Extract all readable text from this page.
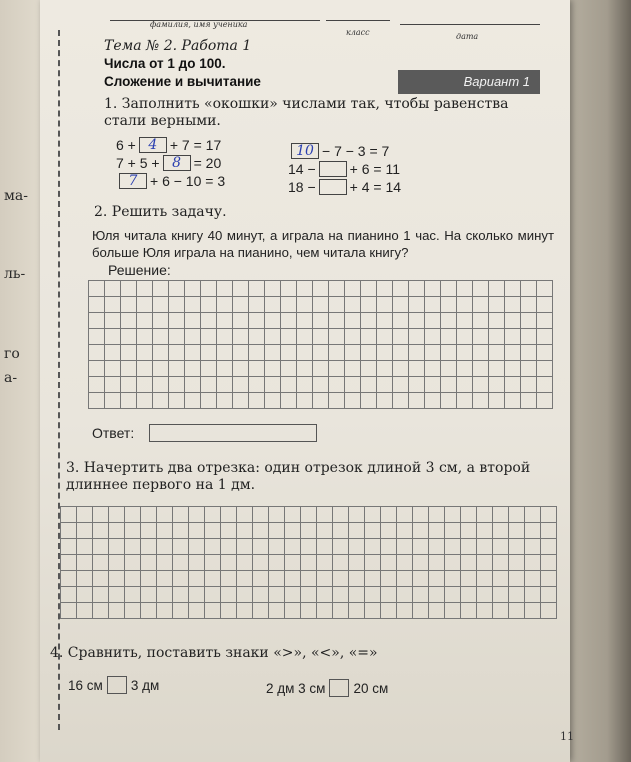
ма-
ль-
го
а-
фамилия, имя ученика
класс	дата
Тема № 2. Работа 1
Числа от 1 до 100.
Сложение и вычитание	Вариант 1
1. Заполнить «окошки» числами так, чтобы равенства стали верными.
6 + 4 + 7 = 17
7 + 5 + 8 = 20
7 + 6 − 10 = 3
10 − 7 − 3 = 7
14 − + 6 = 11
18 − + 4 = 14
2. Решить задачу.
Юля читала книгу 40 минут, а играла на пианино 1 час. На сколько минут больше Юля играла на пианино, чем читала книгу?
Решение:
Ответ:
3. Начертить два отрезка: один отрезок длиной 3 см, а второй длиннее первого на 1 дм.
4. Сравнить, поставить знаки «>», «<», «=»
16 см 3 дм	2 дм 3 см 20 см
11
